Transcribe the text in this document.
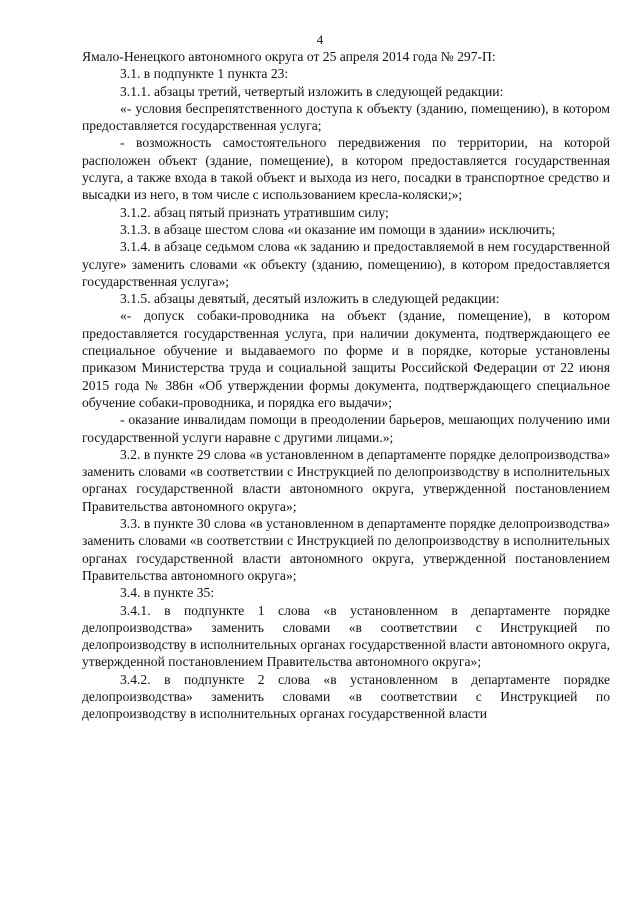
4

Ямало-Ненецкого автономного округа от 25 апреля 2014 года № 297-П:

3.1. в подпункте 1 пункта 23:

3.1.1. абзацы третий, четвертый изложить в следующей редакции:

«- условия беспрепятственного доступа к объекту (зданию, помещению), в котором предоставляется государственная услуга;

- возможность самостоятельного передвижения по территории, на которой расположен объект (здание, помещение), в котором предоставляется государственная услуга, а также входа в такой объект и выхода из него, посадки в транспортное средство и высадки из него, в том числе с использованием кресла-коляски;»;

3.1.2. абзац пятый признать утратившим силу;

3.1.3. в абзаце шестом слова «и оказание им помощи в здании» исключить;

3.1.4. в абзаце седьмом слова «к заданию и предоставляемой в нем государственной услуге» заменить словами «к объекту (зданию, помещению), в котором предоставляется государственная услуга»;

3.1.5. абзацы девятый, десятый изложить в следующей редакции:

«- допуск собаки-проводника на объект (здание, помещение), в котором предоставляется государственная услуга, при наличии документа, подтверждающего ее специальное обучение и выдаваемого по форме и в порядке, которые установлены приказом Министерства труда и социальной защиты Российской Федерации от 22 июня 2015 года № 386н «Об утверждении формы документа, подтверждающего специальное обучение собаки-проводника, и порядка его выдачи»;

- оказание инвалидам помощи в преодолении барьеров, мешающих получению ими государственной услуги наравне с другими лицами.»;

3.2. в пункте 29 слова «в установленном в департаменте порядке делопроизводства» заменить словами «в соответствии с Инструкцией по делопроизводству в исполнительных органах государственной власти автономного округа, утвержденной постановлением Правительства автономного округа»;

3.3. в пункте 30 слова «в установленном в департаменте порядке делопроизводства» заменить словами «в соответствии с Инструкцией по делопроизводству в исполнительных органах государственной власти автономного округа, утвержденной постановлением Правительства автономного округа»;

3.4. в пункте 35:

3.4.1. в подпункте 1 слова «в установленном в департаменте порядке делопроизводства» заменить словами «в соответствии с Инструкцией по делопроизводству в исполнительных органах государственной власти автономного округа, утвержденной постановлением Правительства автономного округа»;

3.4.2. в подпункте 2 слова «в установленном в департаменте порядке делопроизводства» заменить словами «в соответствии с Инструкцией по делопроизводству в исполнительных органах государственной власти
